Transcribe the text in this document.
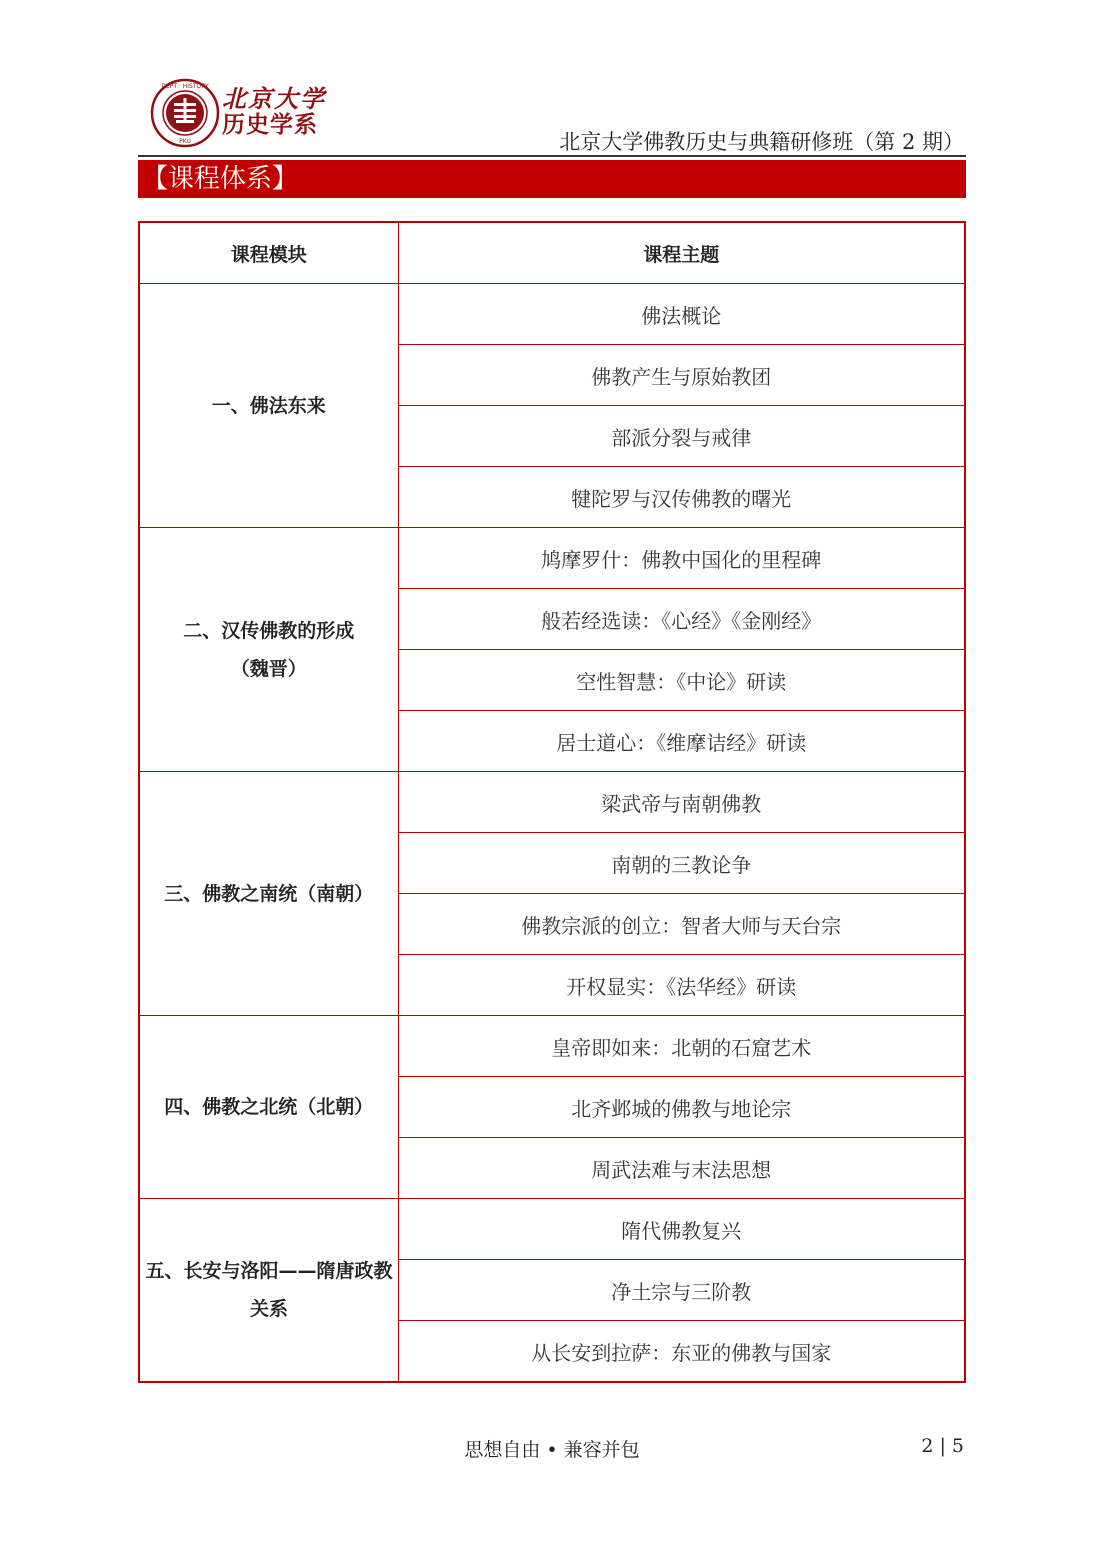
DEPT · HISTORY
PKU
北京大学
历史学系
北京大学佛教历史与典籍研修班（第 2 期）
【课程体系】
课程模块	课程主题
一、佛法东来	佛法概论
	佛教产生与原始教团
	部派分裂与戒律
	犍陀罗与汉传佛教的曙光
二、汉传佛教的形成（魏晋）	鸠摩罗什：佛教中国化的里程碑
	般若经选读：《心经》《金刚经》
	空性智慧：《中论》研读
	居士道心：《维摩诘经》研读
三、佛教之南统（南朝）	梁武帝与南朝佛教
	南朝的三教论争
	佛教宗派的创立：智者大师与天台宗
	开权显实：《法华经》研读
四、佛教之北统（北朝）	皇帝即如来：北朝的石窟艺术
	北齐邺城的佛教与地论宗
	周武法难与末法思想
五、长安与洛阳——隋唐政教关系	隋代佛教复兴
	净土宗与三阶教
	从长安到拉萨：东亚的佛教与国家
思想自由 • 兼容并包	2 | 5
